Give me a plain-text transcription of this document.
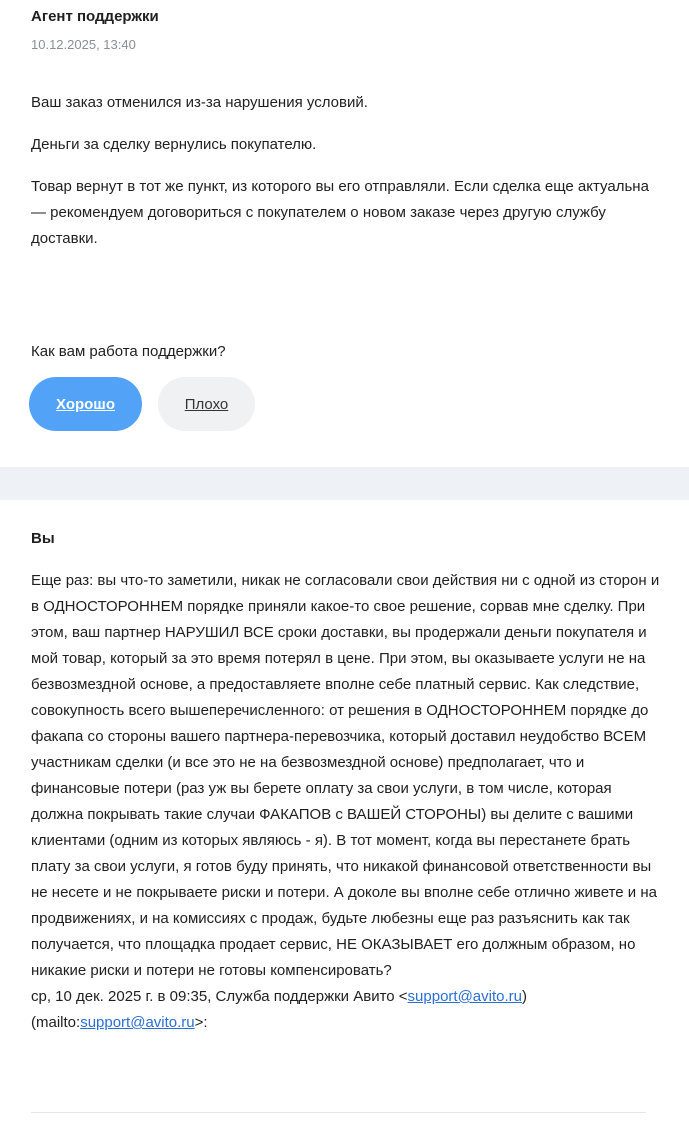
Агент поддержки
10.12.2025, 13:40

Ваш заказ отменился из-за нарушения условий.

Деньги за сделку вернулись покупателю.

Товар вернут в тот же пункт, из которого вы его отправляли. Если сделка еще актуальна — рекомендуем договориться с покупателем о новом заказе через другую службу доставки.

Как вам работа поддержки?

Хорошо	Плохо
Вы

Еще раз: вы что-то заметили, никак не согласовали свои действия ни с одной из сторон и в ОДНОСТОРОННЕМ порядке приняли какое-то свое решение, сорвав мне сделку. При этом, ваш партнер НАРУШИЛ ВСЕ сроки доставки, вы продержали деньги покупателя и мой товар, который за это время потерял в цене. При этом, вы оказываете услуги не на безвозмездной основе, а предоставляете вполне себе платный сервис. Как следствие, совокупность всего вышеперечисленного: от решения в ОДНОСТОРОННЕМ порядке до факапа со стороны вашего партнера-перевозчика, который доставил неудобство ВСЕМ участникам сделки (и все это не на безвозмездной основе) предполагает, что и финансовые потери (раз уж вы берете оплату за свои услуги, в том числе, которая должна покрывать такие случаи ФАКАПОВ с ВАШЕЙ СТОРОНЫ) вы делите с вашими клиентами (одним из которых являюсь - я). В тот момент, когда вы перестанете брать плату за свои услуги, я готов буду принять, что никакой финансовой ответственности вы не несете и не покрываете риски и потери. А доколе вы вполне себе отлично живете и на продвижениях, и на комиссиях с продаж, будьте любезны еще раз разъяснить как так получается, что площадка продает сервис, НЕ ОКАЗЫВАЕТ его должным образом, но никакие риски и потери не готовы компенсировать?
ср, 10 дек. 2025 г. в 09:35, Служба поддержки Авито <support@avito.ru)
(mailto:support@avito.ru>:
